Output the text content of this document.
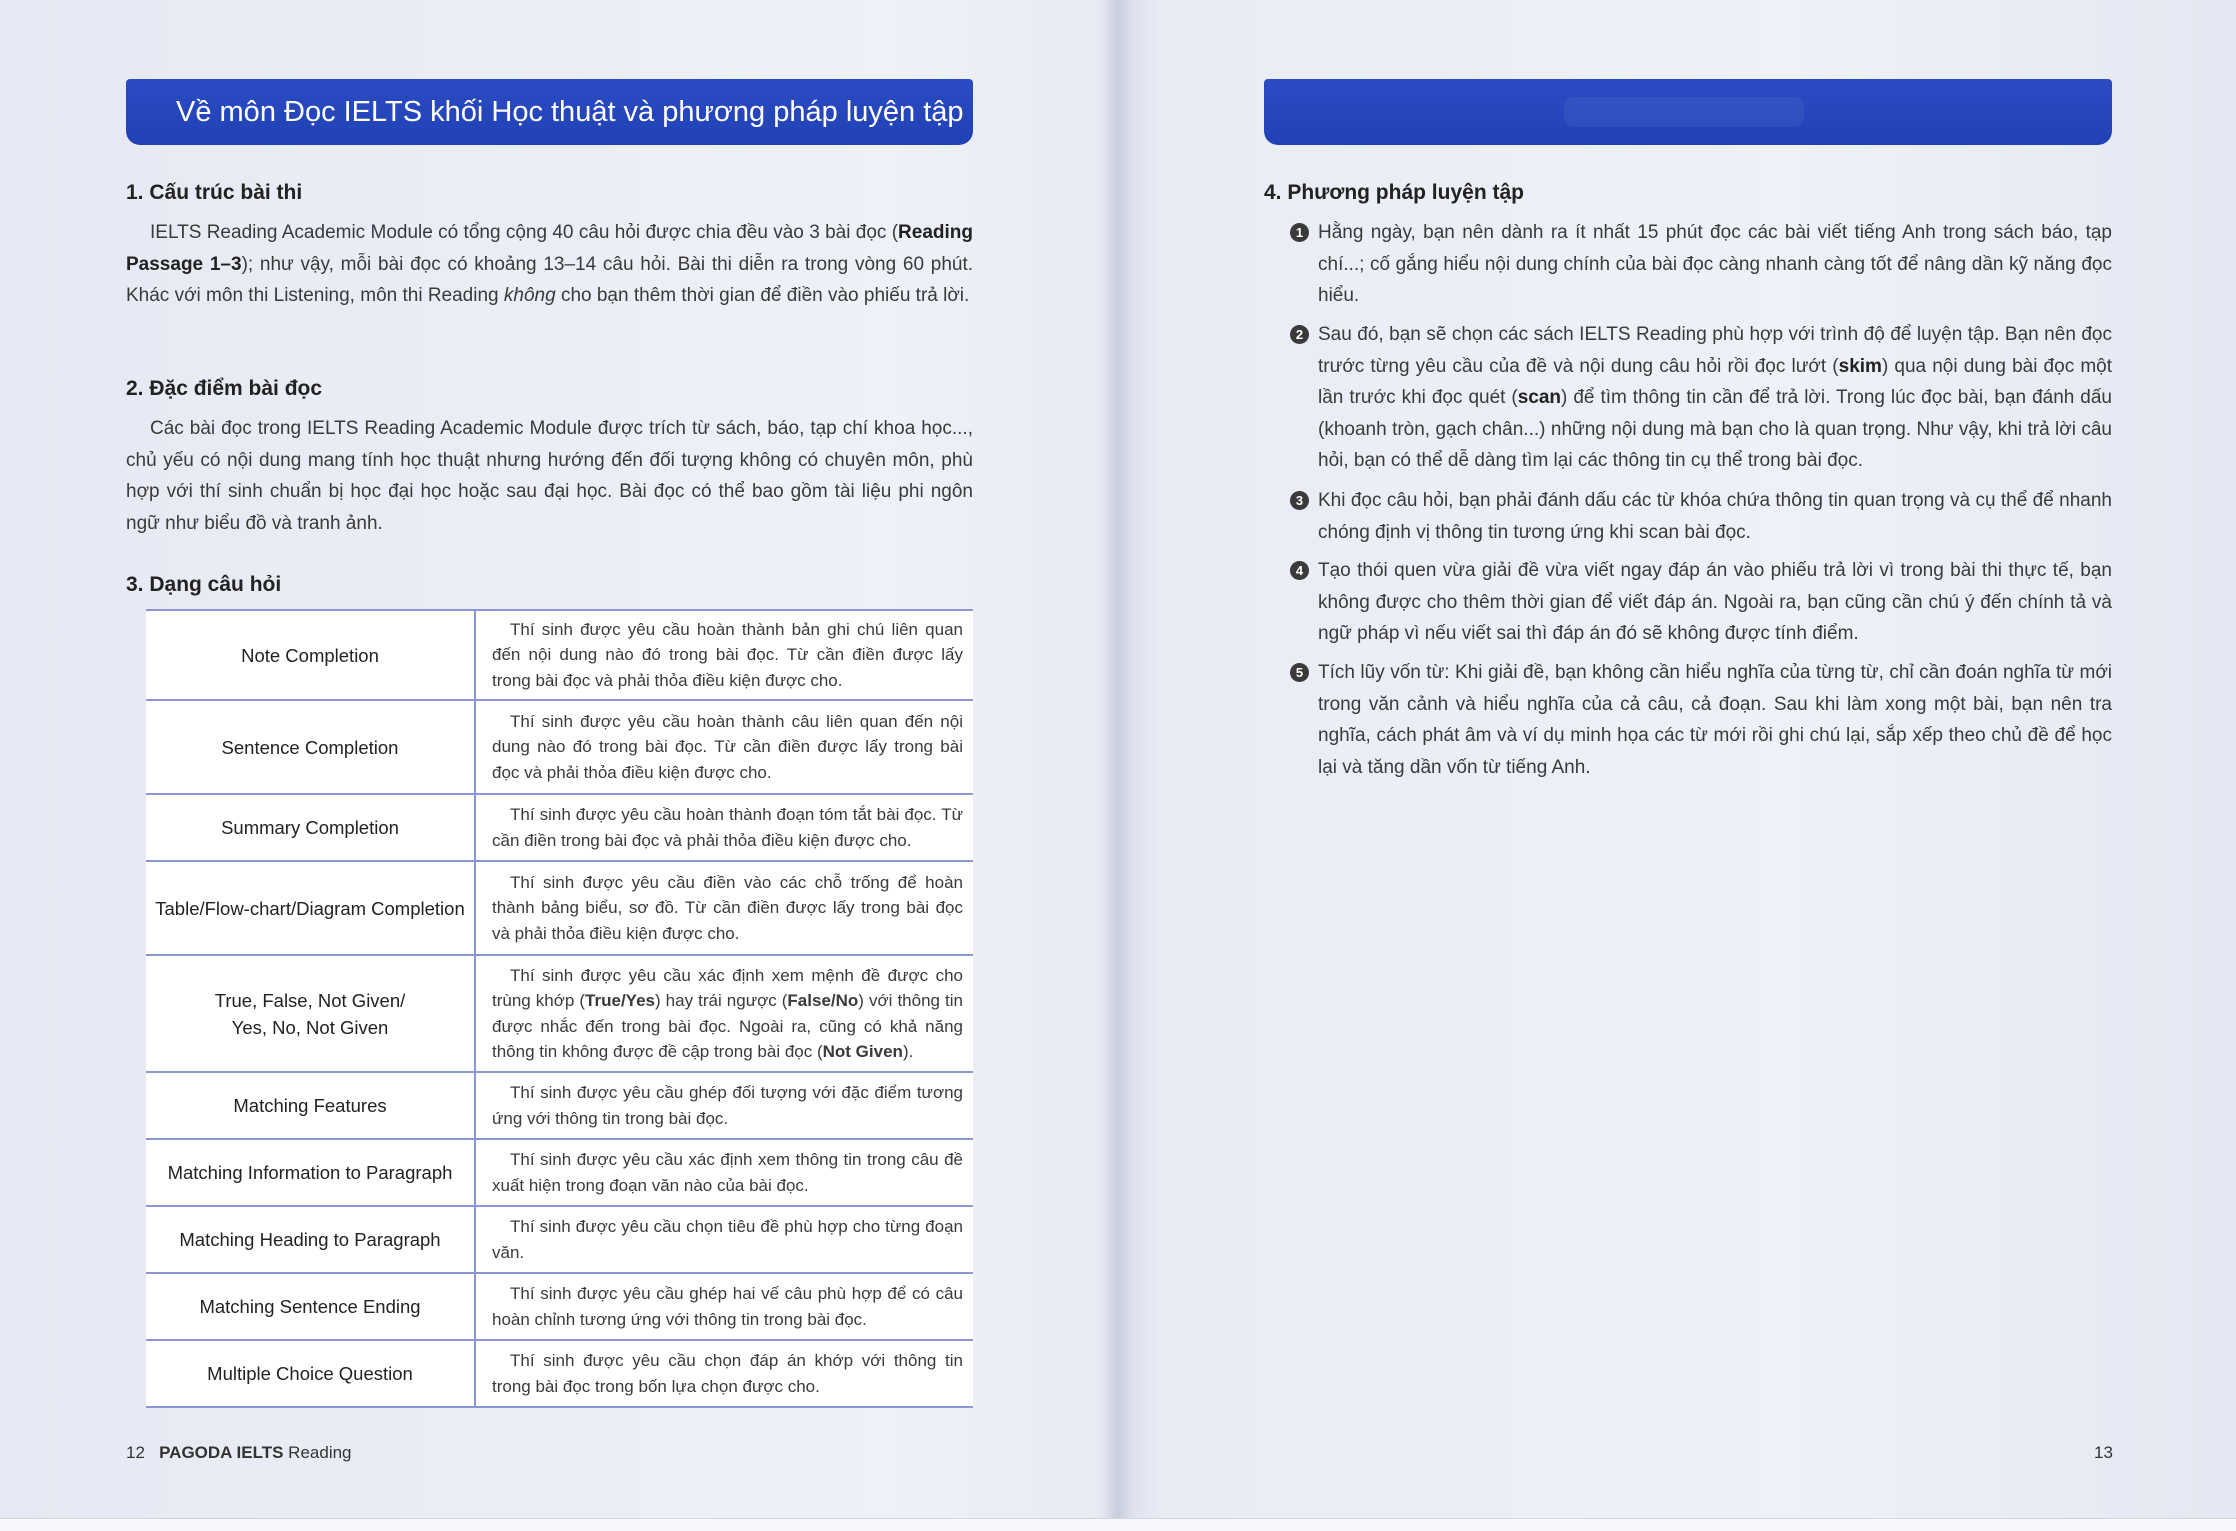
Về môn Đọc IELTS khối Học thuật và phương pháp luyện tập
1. Cấu trúc bài thi
IELTS Reading Academic Module có tổng cộng 40 câu hỏi được chia đều vào 3 bài đọc (Reading Passage 1–3); như vậy, mỗi bài đọc có khoảng 13–14 câu hỏi. Bài thi diễn ra trong vòng 60 phút. Khác với môn thi Listening, môn thi Reading không cho bạn thêm thời gian để điền vào phiếu trả lời.
2. Đặc điểm bài đọc
Các bài đọc trong IELTS Reading Academic Module được trích từ sách, báo, tạp chí khoa học..., chủ yếu có nội dung mang tính học thuật nhưng hướng đến đối tượng không có chuyên môn, phù hợp với thí sinh chuẩn bị học đại học hoặc sau đại học. Bài đọc có thể bao gồm tài liệu phi ngôn ngữ như biểu đồ và tranh ảnh.
3. Dạng câu hỏi
Note Completion	Thí sinh được yêu cầu hoàn thành bản ghi chú liên quan đến nội dung nào đó trong bài đọc. Từ cần điền được lấy trong bài đọc và phải thỏa điều kiện được cho.
Sentence Completion	Thí sinh được yêu cầu hoàn thành câu liên quan đến nội dung nào đó trong bài đọc. Từ cần điền được lấy trong bài đọc và phải thỏa điều kiện được cho.
Summary Completion	Thí sinh được yêu cầu hoàn thành đoạn tóm tắt bài đọc. Từ cần điền trong bài đọc và phải thỏa điều kiện được cho.
Table/Flow-chart/Diagram Completion	Thí sinh được yêu cầu điền vào các chỗ trống để hoàn thành bảng biểu, sơ đồ. Từ cần điền được lấy trong bài đọc và phải thỏa điều kiện được cho.
True, False, Not Given/
Yes, No, Not Given	Thí sinh được yêu cầu xác định xem mệnh đề được cho trùng khớp (True/Yes) hay trái ngược (False/No) với thông tin được nhắc đến trong bài đọc. Ngoài ra, cũng có khả năng thông tin không được đề cập trong bài đọc (Not Given).
Matching Features	Thí sinh được yêu cầu ghép đối tượng với đặc điểm tương ứng với thông tin trong bài đọc.
Matching Information to Paragraph	Thí sinh được yêu cầu xác định xem thông tin trong câu đề xuất hiện trong đoạn văn nào của bài đọc.
Matching Heading to Paragraph	Thí sinh được yêu cầu chọn tiêu đề phù hợp cho từng đoạn văn.
Matching Sentence Ending	Thí sinh được yêu cầu ghép hai vế câu phù hợp để có câu hoàn chỉnh tương ứng với thông tin trong bài đọc.
Multiple Choice Question	Thí sinh được yêu cầu chọn đáp án khớp với thông tin trong bài đọc trong bốn lựa chọn được cho.
12 PAGODA IELTS Reading
4. Phương pháp luyện tập
1 Hằng ngày, bạn nên dành ra ít nhất 15 phút đọc các bài viết tiếng Anh trong sách báo, tạp chí...; cố gắng hiểu nội dung chính của bài đọc càng nhanh càng tốt để nâng dần kỹ năng đọc hiểu.
2 Sau đó, bạn sẽ chọn các sách IELTS Reading phù hợp với trình độ để luyện tập. Bạn nên đọc trước từng yêu cầu của đề và nội dung câu hỏi rồi đọc lướt (skim) qua nội dung bài đọc một lần trước khi đọc quét (scan) để tìm thông tin cần để trả lời. Trong lúc đọc bài, bạn đánh dấu (khoanh tròn, gạch chân...) những nội dung mà bạn cho là quan trọng. Như vậy, khi trả lời câu hỏi, bạn có thể dễ dàng tìm lại các thông tin cụ thể trong bài đọc.
3 Khi đọc câu hỏi, bạn phải đánh dấu các từ khóa chứa thông tin quan trọng và cụ thể để nhanh chóng định vị thông tin tương ứng khi scan bài đọc.
4 Tạo thói quen vừa giải đề vừa viết ngay đáp án vào phiếu trả lời vì trong bài thi thực tế, bạn không được cho thêm thời gian để viết đáp án. Ngoài ra, bạn cũng cần chú ý đến chính tả và ngữ pháp vì nếu viết sai thì đáp án đó sẽ không được tính điểm.
5 Tích lũy vốn từ: Khi giải đề, bạn không cần hiểu nghĩa của từng từ, chỉ cần đoán nghĩa từ mới trong văn cảnh và hiểu nghĩa của cả câu, cả đoạn. Sau khi làm xong một bài, bạn nên tra nghĩa, cách phát âm và ví dụ minh họa các từ mới rồi ghi chú lại, sắp xếp theo chủ đề để học lại và tăng dần vốn từ tiếng Anh.
13
